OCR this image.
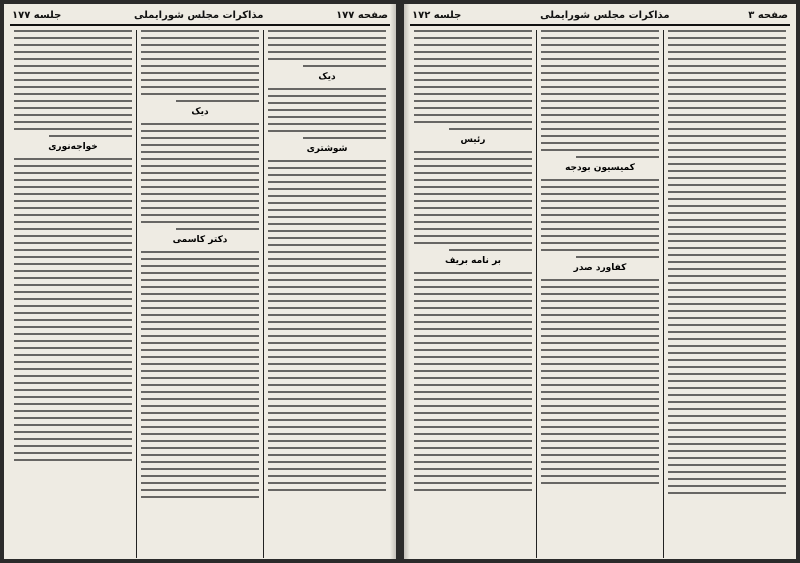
صفحه ۱۷۷
مذاکرات مجلس شورایملی
جلسه ۱۷۷
دیک
شوشتری
دیک
دکتر کاسمی
خواجه‌نوری
صفحه ۳
مذاکرات مجلس شورایملی
جلسه ۱۷۲
کمیسیون بودجه
کفاورد صدر
رئیس
بر نامه بریف
